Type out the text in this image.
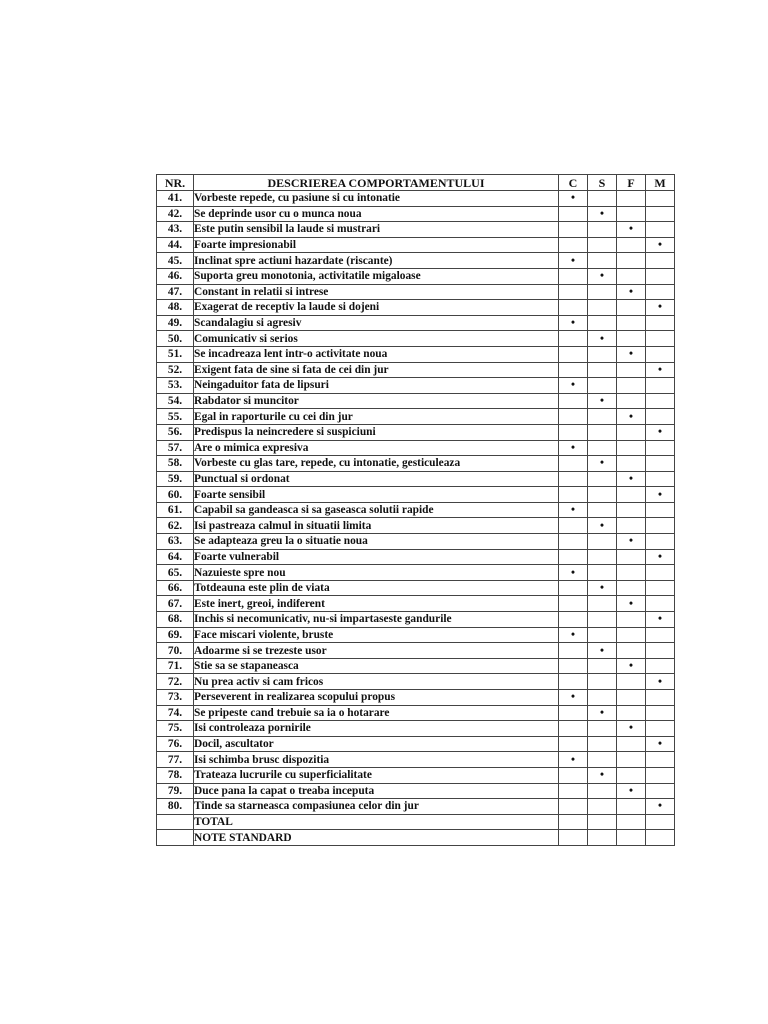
NR.	DESCRIEREA COMPORTAMENTULUI	C	S	F	M
41.	Vorbeste repede, cu pasiune si cu intonatie	•			
42.	Se deprinde usor cu o munca noua		•		
43.	Este putin sensibil la laude si mustrari			•	
44.	Foarte impresionabil				•
45.	Inclinat spre actiuni hazardate (riscante)	•			
46.	Suporta greu monotonia, activitatile migaloase		•		
47.	Constant in relatii si intrese			•	
48.	Exagerat de receptiv la laude si dojeni				•
49.	Scandalagiu si agresiv	•			
50.	Comunicativ si serios		•		
51.	Se incadreaza lent intr-o activitate noua			•	
52.	Exigent fata de sine si fata de cei din jur				•
53.	Neingaduitor fata de lipsuri	•			
54.	Rabdator si muncitor		•		
55.	Egal in raporturile cu cei din jur			•	
56.	Predispus la neincredere si suspiciuni				•
57.	Are o mimica expresiva	•			
58.	Vorbeste cu glas tare, repede, cu intonatie, gesticuleaza		•		
59.	Punctual si ordonat			•	
60.	Foarte sensibil				•
61.	Capabil sa gandeasca si sa gaseasca solutii rapide	•			
62.	Isi pastreaza calmul in situatii limita		•		
63.	Se adapteaza greu la o situatie noua			•	
64.	Foarte vulnerabil				•
65.	Nazuieste spre nou	•			
66.	Totdeauna este plin de viata		•		
67.	Este inert, greoi, indiferent			•	
68.	Inchis si necomunicativ, nu-si impartaseste gandurile				•
69.	Face miscari violente, bruste	•			
70.	Adoarme si se trezeste usor		•		
71.	Stie sa se stapaneasca			•	
72.	Nu prea activ si cam fricos				•
73.	Perseverent in realizarea scopului propus	•			
74.	Se pripeste cand trebuie sa ia o hotarare		•		
75.	Isi controleaza pornirile			•	
76.	Docil, ascultator				•
77.	Isi schimba brusc dispozitia	•			
78.	Trateaza lucrurile cu superficialitate		•		
79.	Duce pana la capat o treaba inceputa			•	
80.	Tinde sa starneasca compasiunea celor din jur				•
	TOTAL				
	NOTE STANDARD				
